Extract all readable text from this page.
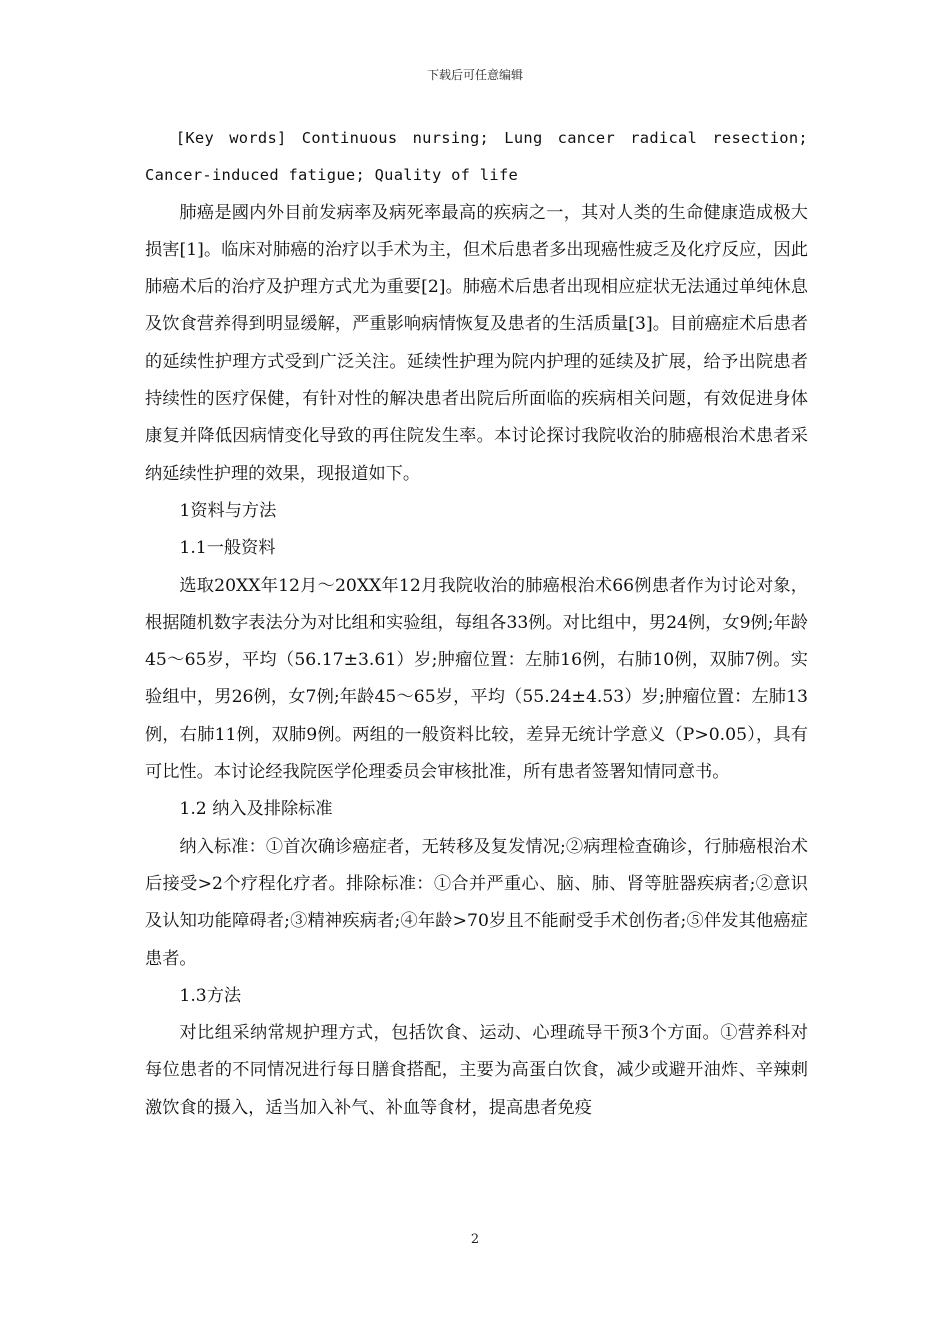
下载后可任意编辑

[Key words] Continuous nursing; Lung cancer radical resection; Cancer-induced fatigue; Quality of life

肺癌是國内外目前发病率及病死率最高的疾病之一，其对人类的生命健康造成极大损害[1]。临床对肺癌的治疗以手术为主，但术后患者多出现癌性疲乏及化疗反应，因此肺癌术后的治疗及护理方式尤为重要[2]。肺癌术后患者出现相应症状无法通过单纯休息及饮食营养得到明显缓解，严重影响病情恢复及患者的生活质量[3]。目前癌症术后患者的延续性护理方式受到广泛关注。延续性护理为院内护理的延续及扩展，给予出院患者持续性的医疗保健，有针对性的解决患者出院后所面临的疾病相关问题，有效促进身体康复并降低因病情变化导致的再住院发生率。本讨论探讨我院收治的肺癌根治术患者采纳延续性护理的效果，现报道如下。

1资料与方法

1.1一般资料

选取20XX年12月～20XX年12月我院收治的肺癌根治术66例患者作为讨论对象，根据随机数字表法分为对比组和实验组，每组各33例。对比组中，男24例，女9例;年龄45～65岁，平均（56.17±3.61）岁;肿瘤位置：左肺16例，右肺10例，双肺7例。实验组中，男26例，女7例;年龄45～65岁，平均（55.24±4.53）岁;肿瘤位置：左肺13例，右肺11例，双肺9例。两组的一般资料比较，差异无统计学意义（P>0.05），具有可比性。本讨论经我院医学伦理委员会审核批准，所有患者签署知情同意书。

1.2 纳入及排除标准

纳入标准：①首次确诊癌症者，无转移及复发情况;②病理检查确诊，行肺癌根治术后接受>2个疗程化疗者。排除标准：①合并严重心、脑、肺、肾等脏器疾病者;②意识及认知功能障碍者;③精神疾病者;④年龄>70岁且不能耐受手术创伤者;⑤伴发其他癌症患者。

1.3方法

对比组采纳常规护理方式，包括饮食、运动、心理疏导干预3个方面。①营养科对每位患者的不同情况进行每日膳食搭配，主要为高蛋白饮食，减少或避开油炸、辛辣刺激饮食的摄入，适当加入补气、补血等食材，提高患者免疫

2
